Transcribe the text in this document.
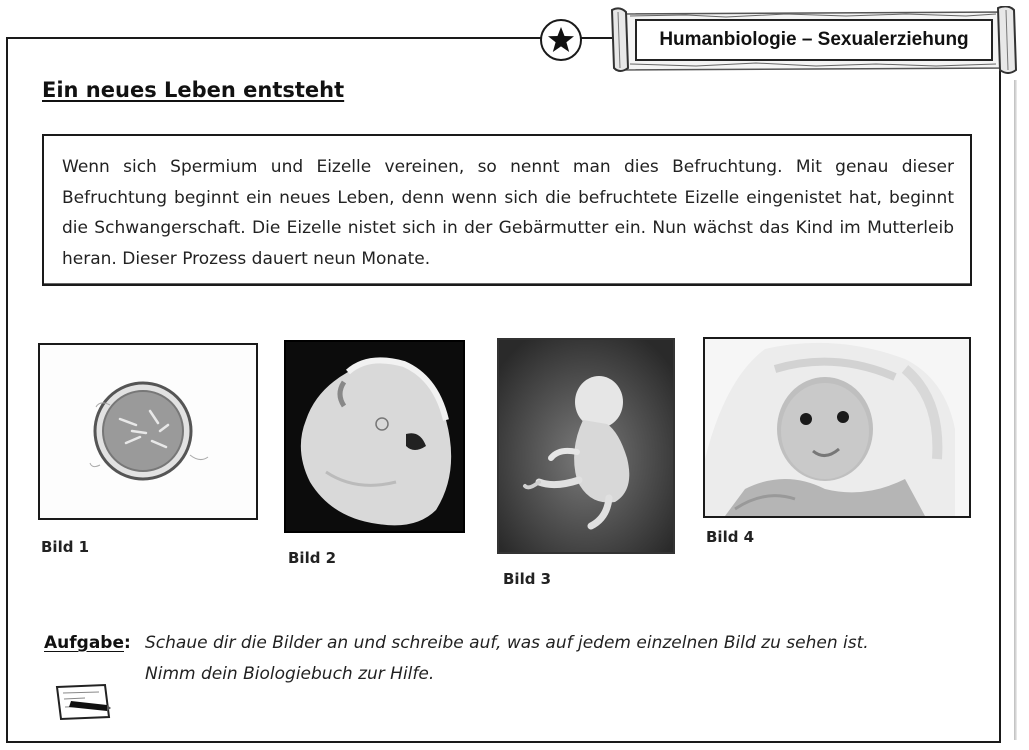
Humanbiologie – Sexualerziehung
Ein neues Leben entsteht

Wenn sich Spermium und Eizelle vereinen, so nennt man dies Befruchtung. Mit genau dieser Befruchtung beginnt ein neues Leben, denn wenn sich die befruchtete Eizelle eingenistet hat, beginnt die Schwangerschaft. Die Eizelle nistet sich in der Gebärmutter ein. Nun wächst das Kind im Mutterleib heran. Dieser Prozess dauert neun Monate.

Bild 1
Bild 2
Bild 3
Bild 4
Aufgabe: Schaue dir die Bilder an und schreibe auf, was auf jedem einzelnen Bild zu sehen ist.
Nimm dein Biologiebuch zur Hilfe.
